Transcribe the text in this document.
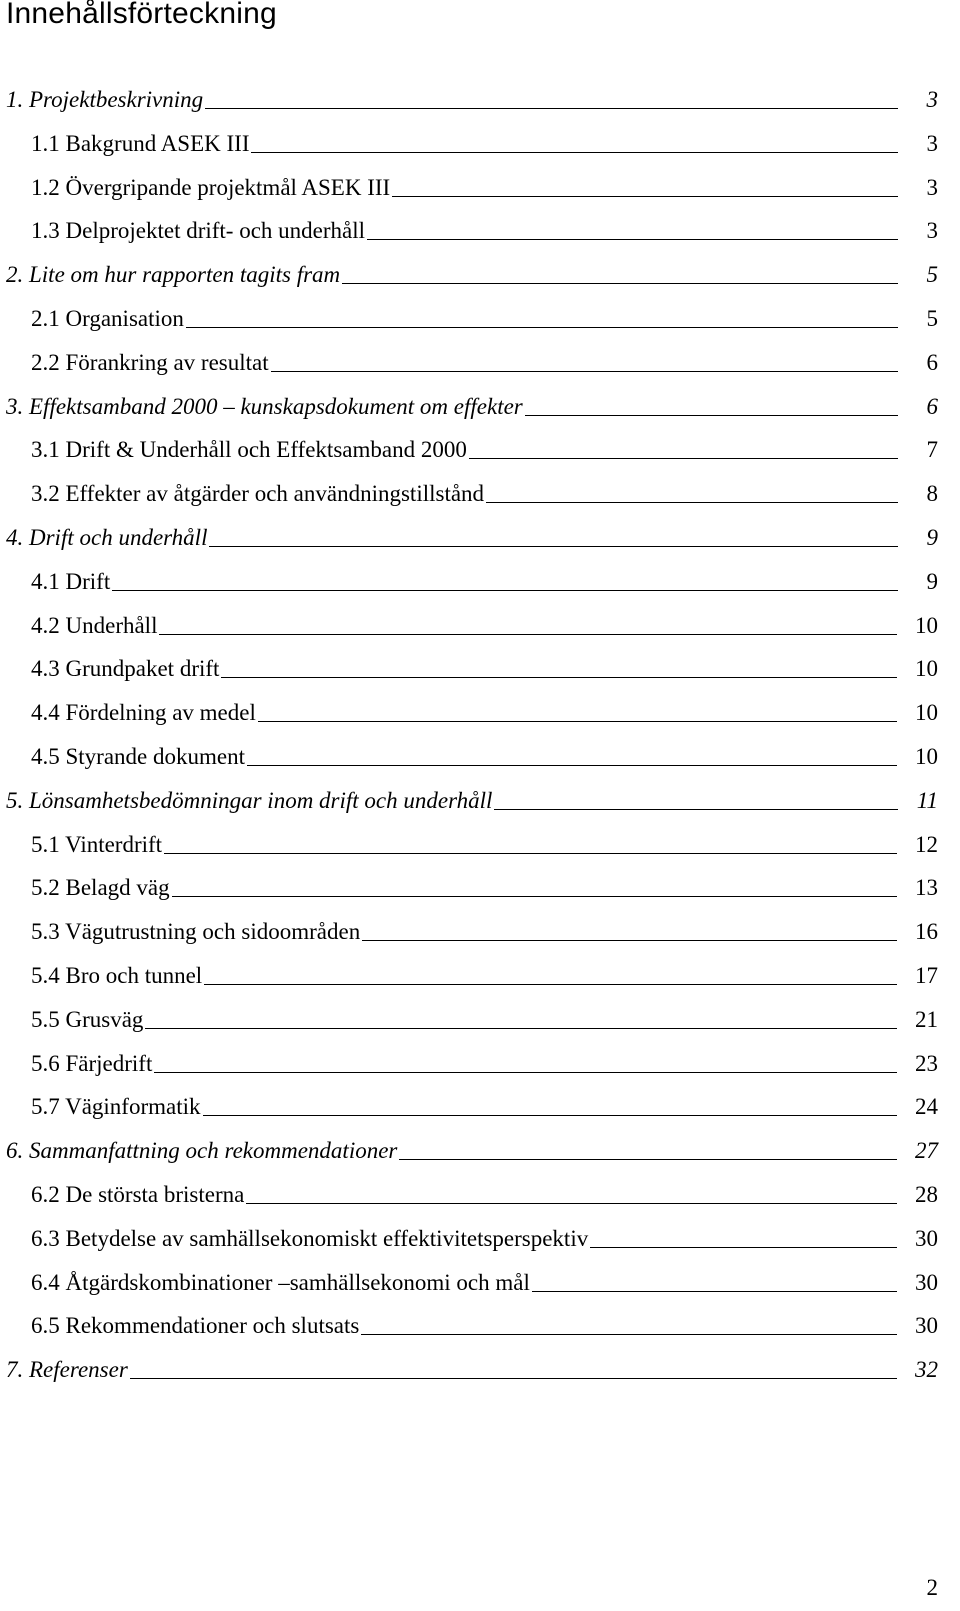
Innehållsförteckning
1. Projektbeskrivning	3
1.1 Bakgrund ASEK III	3
1.2 Övergripande projektmål ASEK III	3
1.3 Delprojektet drift- och underhåll	3
2. Lite om hur rapporten tagits fram	5
2.1 Organisation	5
2.2 Förankring av resultat	6
3. Effektsamband 2000 – kunskapsdokument om effekter	6
3.1 Drift & Underhåll och Effektsamband 2000	7
3.2 Effekter av åtgärder och användningstillstånd	8
4. Drift och underhåll	9
4.1 Drift	9
4.2 Underhåll	10
4.3 Grundpaket drift	10
4.4 Fördelning av medel	10
4.5 Styrande dokument	10
5. Lönsamhetsbedömningar inom drift och underhåll	11
5.1 Vinterdrift	12
5.2 Belagd väg	13
5.3 Vägutrustning och sidoområden	16
5.4 Bro och tunnel	17
5.5 Grusväg	21
5.6 Färjedrift	23
5.7 Väginformatik	24
6. Sammanfattning och rekommendationer	27
6.2 De största bristerna	28
6.3 Betydelse av samhällsekonomiskt effektivitetsperspektiv	30
6.4 Åtgärdskombinationer –samhällsekonomi och mål	30
6.5 Rekommendationer och slutsats	30
7. Referenser	32
2
